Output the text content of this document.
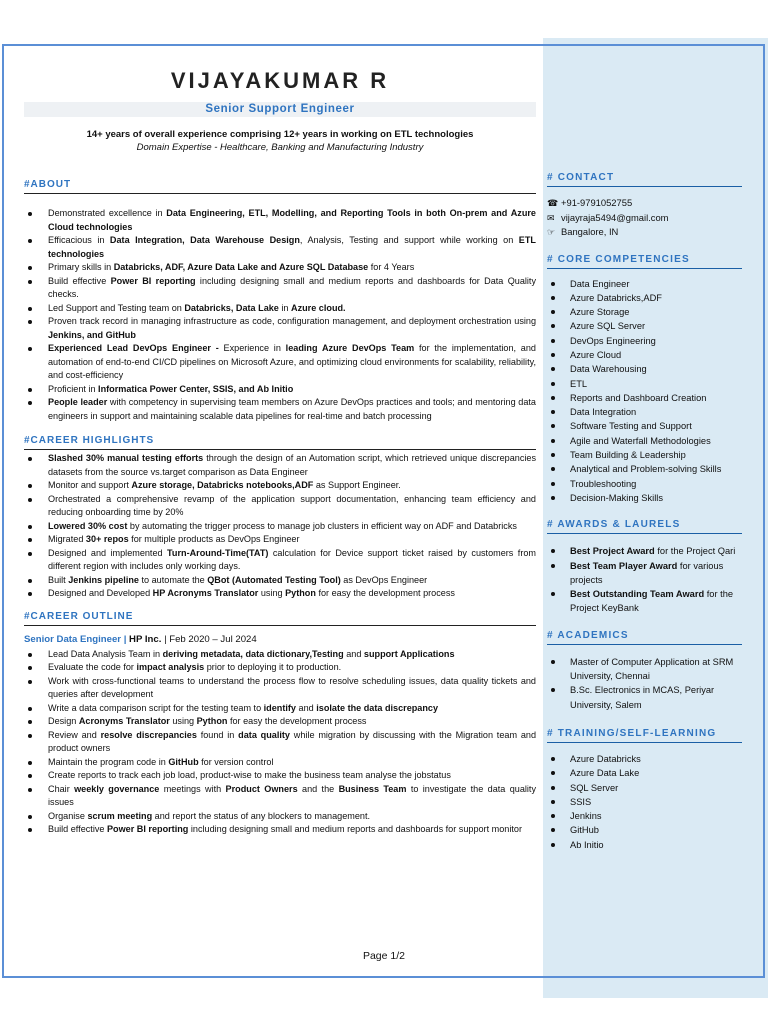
VIJAYAKUMAR R
Senior Support Engineer
14+ years of overall experience comprising 12+ years in working on ETL technologies
Domain Expertise - Healthcare, Banking and Manufacturing Industry
#ABOUT
Demonstrated excellence in Data Engineering, ETL, Modelling, and Reporting Tools in both On-prem and Azure Cloud technologies
Efficacious in Data Integration, Data Warehouse Design, Analysis, Testing and support while working on ETL technologies
Primary skills in Databricks, ADF, Azure Data Lake and Azure SQL Database for 4 Years
Build effective Power BI reporting including designing small and medium reports and dashboards for Data Quality checks.
Led Support and Testing team on Databricks, Data Lake in Azure cloud.
Proven track record in managing infrastructure as code, configuration management, and deployment orchestration using Jenkins, and GitHub
Experienced Lead DevOps Engineer - Experience in leading Azure DevOps Team for the implementation, and automation of end-to-end CI/CD pipelines on Microsoft Azure, and optimizing cloud environments for scalability, reliability, and cost-efficiency
Proficient in Informatica Power Center, SSIS, and Ab Initio
People leader with competency in supervising team members on Azure DevOps practices and tools; and mentoring data engineers in support and maintaining scalable data pipelines for real-time and batch processing
#CAREER HIGHLIGHTS
Slashed 30% manual testing efforts through the design of an Automation script, which retrieved unique discrepancies datasets from the source vs.target comparison as Data Engineer
Monitor and support Azure storage, Databricks notebooks,ADF as Support Engineer.
Orchestrated a comprehensive revamp of the application support documentation, enhancing team efficiency and reducing onboarding time by 20%
Lowered 30% cost by automating the trigger process to manage job clusters in efficient way on ADF and Databricks
Migrated 30+ repos for multiple products as DevOps Engineer
Designed and implemented Turn-Around-Time(TAT) calculation for Device support ticket raised by customers from different region with includes only working days.
Built Jenkins pipeline to automate the QBot (Automated Testing Tool) as DevOps Engineer
Designed and Developed HP Acronyms Translator using Python for easy the development process
#CAREER OUTLINE
Senior Data Engineer | HP Inc. | Feb 2020 – Jul 2024
Lead Data Analysis Team in deriving metadata, data dictionary,Testing and support Applications
Evaluate the code for impact analysis prior to deploying it to production.
Work with cross-functional teams to understand the process flow to resolve scheduling issues, data quality tickets and queries after development
Write a data comparison script for the testing team to identify and isolate the data discrepancy
Design Acronyms Translator using Python for easy the development process
Review and resolve discrepancies found in data quality while migration by discussing with the Migration team and product owners
Maintain the program code in GitHub for version control
Create reports to track each job load, product-wise to make the business team analyse the jobstatus
Chair weekly governance meetings with Product Owners and the Business Team to investigate the data quality issues
Organise scrum meeting and report the status of any blockers to management.
Build effective Power BI reporting including designing small and medium reports and dashboards for support monitor
# CONTACT
☎ +91-9791052755
✉ vijayraja5494@gmail.com
☞ Bangalore, IN
# CORE COMPETENCIES
Data Engineer
Azure Databricks,ADF
Azure Storage
Azure SQL Server
DevOps Engineering
Azure Cloud
Data Warehousing
ETL
Reports and Dashboard Creation
Data Integration
Software Testing and Support
Agile and Waterfall Methodologies
Team Building & Leadership
Analytical and Problem-solving Skills
Troubleshooting
Decision-Making Skills
# AWARDS & LAURELS
Best Project Award for the Project Qari
Best Team Player Award for various projects
Best Outstanding Team Award for the Project KeyBank
# ACADEMICS
Master of Computer Application at SRM University, Chennai
B.Sc. Electronics in MCAS, Periyar University, Salem
# TRAINING/SELF-LEARNING
Azure Databricks
Azure Data Lake
SQL Server
SSIS
Jenkins
GitHub
Ab Initio
Page 1/2
